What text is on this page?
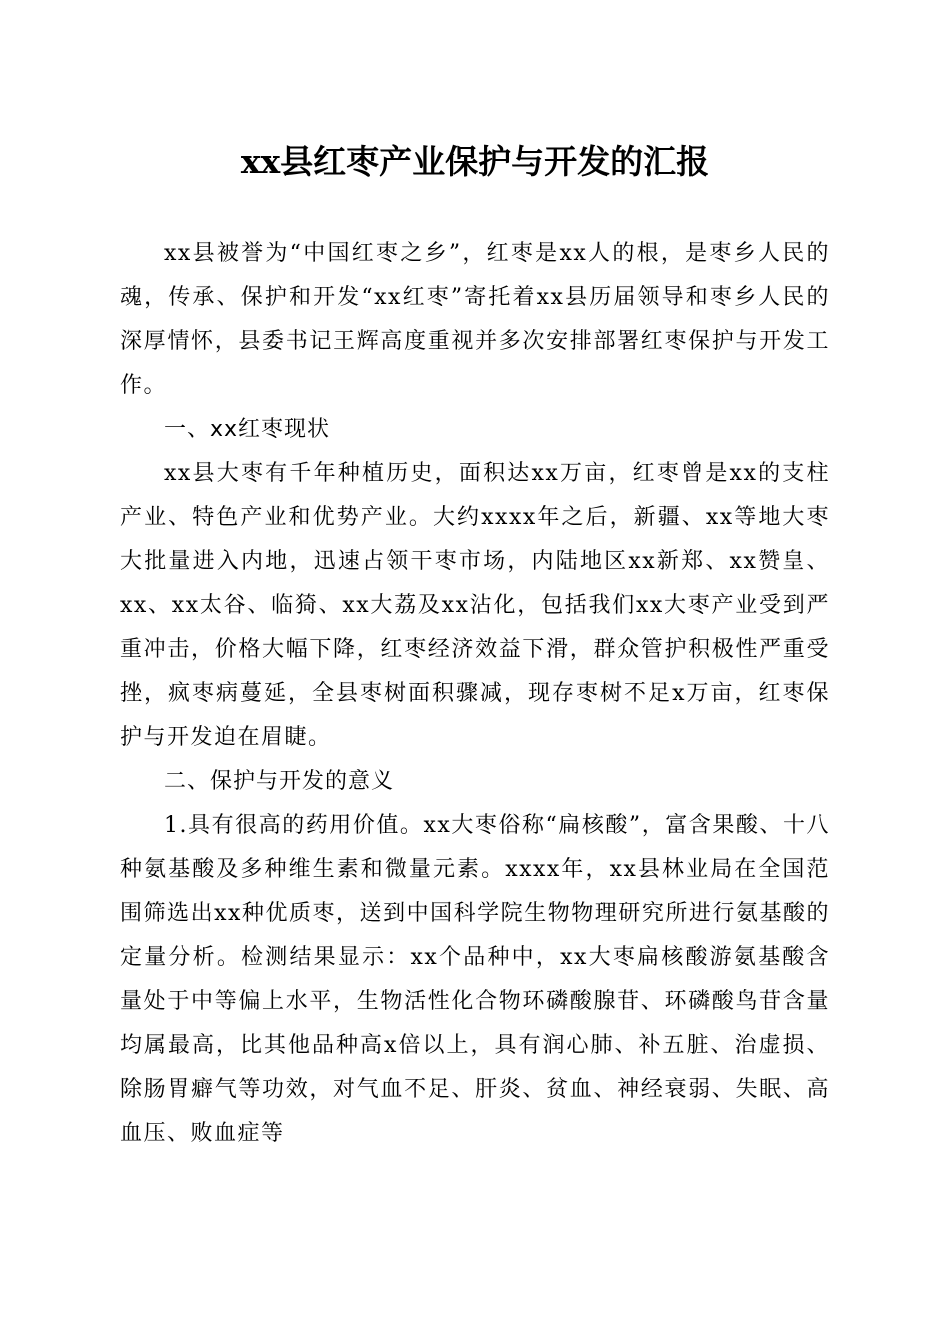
xx县红枣产业保护与开发的汇报

xx县被誉为“中国红枣之乡”，红枣是xx人的根，是枣乡人民的魂，传承、保护和开发“xx红枣”寄托着xx县历届领导和枣乡人民的深厚情怀，县委书记王辉高度重视并多次安排部署红枣保护与开发工作。

一、xx红枣现状

xx县大枣有千年种植历史，面积达xx万亩，红枣曾是xx的支柱产业、特色产业和优势产业。大约xxxx年之后，新疆、xx等地大枣大批量进入内地，迅速占领干枣市场，内陆地区xx新郑、xx赞皇、xx、xx太谷、临猗、xx大荔及xx沾化，包括我们xx大枣产业受到严重冲击，价格大幅下降，红枣经济效益下滑，群众管护积极性严重受挫，疯枣病蔓延，全县枣树面积骤减，现存枣树不足x万亩，红枣保护与开发迫在眉睫。

二、保护与开发的意义

1.具有很高的药用价值。xx大枣俗称“扁核酸”，富含果酸、十八种氨基酸及多种维生素和微量元素。xxxx年，xx县林业局在全国范围筛选出xx种优质枣，送到中国科学院生物物理研究所进行氨基酸的定量分析。检测结果显示：xx个品种中，xx大枣扁核酸游氨基酸含量处于中等偏上水平，生物活性化合物环磷酸腺苷、环磷酸鸟苷含量均属最高，比其他品种高x倍以上，具有润心肺、补五脏、治虚损、除肠胃癖气等功效，对气血不足、肝炎、贫血、神经衰弱、失眠、高血压、败血症等
